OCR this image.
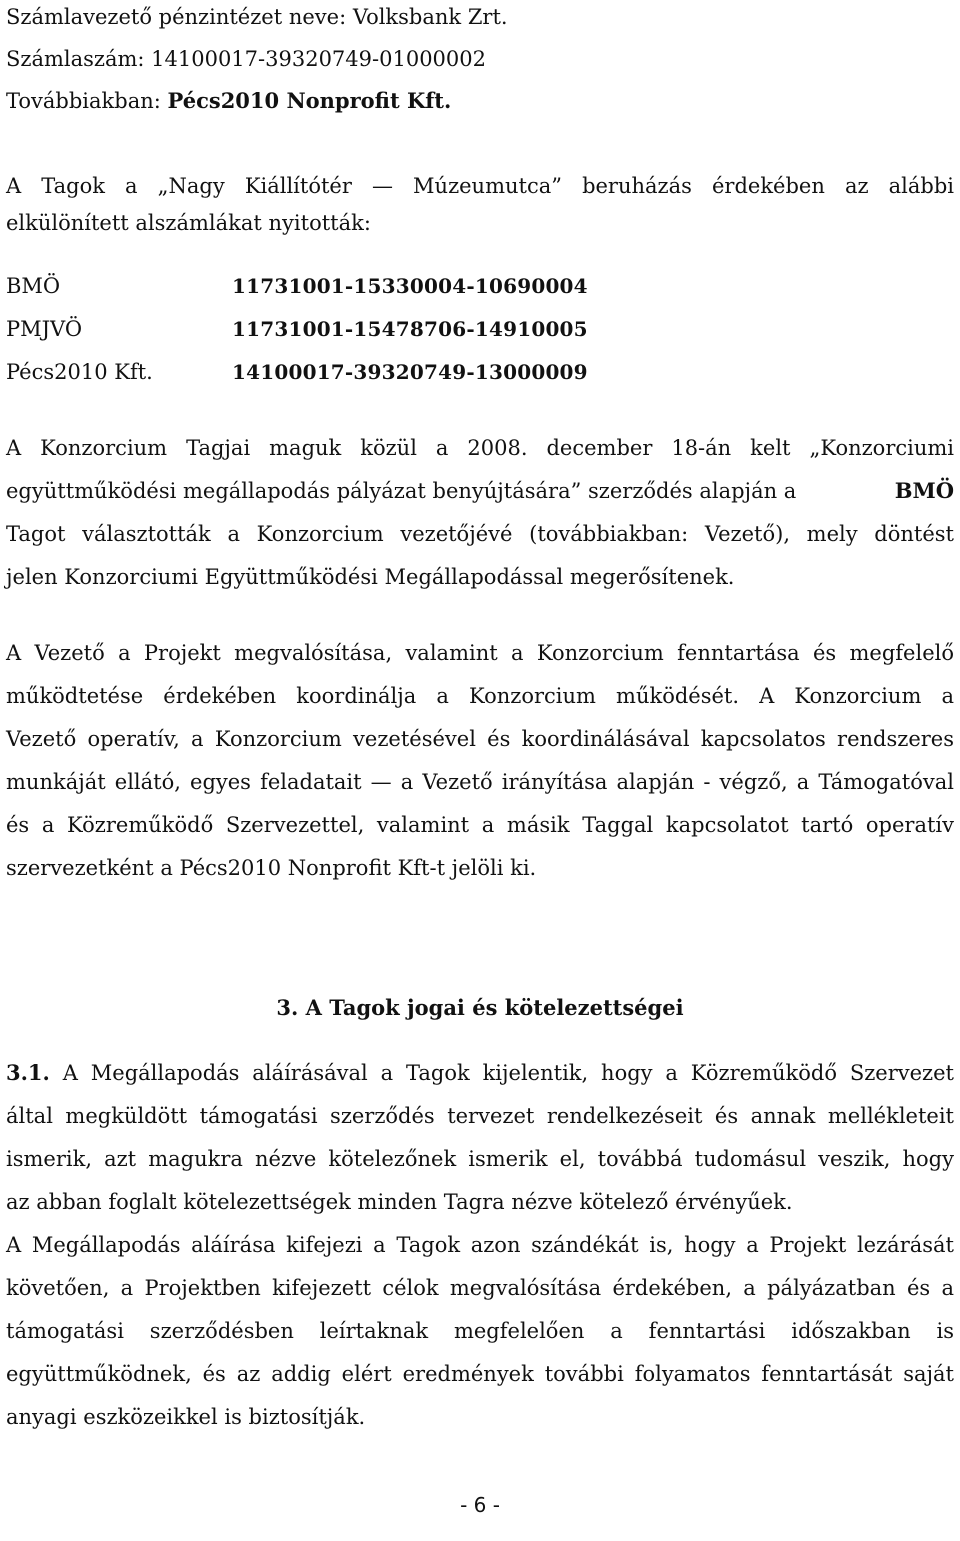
Számlavezető pénzintézet neve: Volksbank Zrt.
Számlaszám: 14100017-39320749-01000002
Továbbiakban: Pécs2010 Nonprofit Kft.
A Tagok a „Nagy Kiállítótér — Múzeumutca” beruházás érdekében az alábbi
elkülönített alszámlákat nyitották:
BMÖ	11731001-15330004-10690004
PMJVÖ	11731001-15478706-14910005
Pécs2010 Kft.	14100017-39320749-13000009
A Konzorcium Tagjai maguk közül a 2008. december 18-án kelt „Konzorciumi
együttműködési megállapodás pályázat benyújtására” szerződés alapján a	BMÖ
Tagot választották a Konzorcium vezetőjévé (továbbiakban: Vezető), mely döntést
jelen Konzorciumi Együttműködési Megállapodással megerősítenek.
A Vezető a Projekt megvalósítása, valamint a Konzorcium fenntartása és megfelelő
működtetése érdekében koordinálja a Konzorcium működését. A Konzorcium a
Vezető operatív, a Konzorcium vezetésével és koordinálásával kapcsolatos rendszeres
munkáját ellátó, egyes feladatait — a Vezető irányítása alapján - végző, a Támogatóval
és a Közreműködő Szervezettel, valamint a másik Taggal kapcsolatot tartó operatív
szervezetként a Pécs2010 Nonprofit Kft-t jelöli ki.
3. A Tagok jogai és kötelezettségei
3.1. A Megállapodás aláírásával a Tagok kijelentik, hogy a Közreműködő Szervezet
által megküldött támogatási szerződés tervezet rendelkezéseit és annak mellékleteit
ismerik, azt magukra nézve kötelezőnek ismerik el, továbbá tudomásul veszik, hogy
az abban foglalt kötelezettségek minden Tagra nézve kötelező érvényűek.
A Megállapodás aláírása kifejezi a Tagok azon szándékát is, hogy a Projekt lezárását
követően, a Projektben kifejezett célok megvalósítása érdekében, a pályázatban és a
támogatási szerződésben leírtaknak megfelelően a fenntartási időszakban is
együttműködnek, és az addig elért eredmények további folyamatos fenntartását saját
anyagi eszközeikkel is biztosítják.
- 6 -
